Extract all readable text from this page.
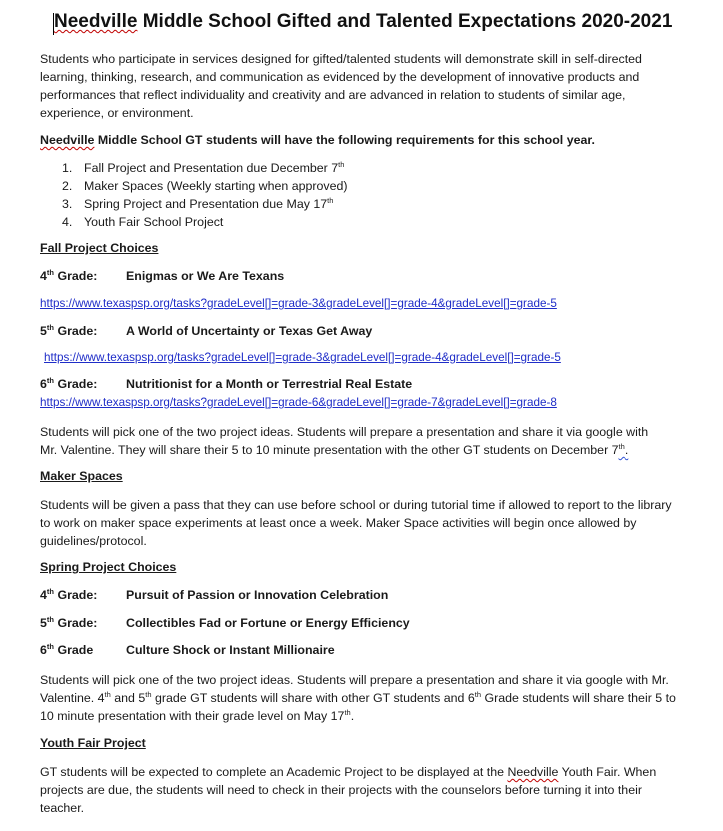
Needville Middle School Gifted and Talented Expectations 2020-2021

Students who participate in services designed for gifted/talented students will demonstrate skill in self-directed learning, thinking, research, and communication as evidenced by the development of innovative products and performances that reflect individuality and creativity and are advanced in relation to students of similar age, experience, or environment.

Needville Middle School GT students will have the following requirements for this school year.

1. Fall Project and Presentation due December 7th
2. Maker Spaces (Weekly starting when approved)
3. Spring Project and Presentation due May 17th
4. Youth Fair School Project
Fall Project Choices
4th Grade: Enigmas or We Are Texans
https://www.texaspsp.org/tasks?gradeLevel[]=grade-3&gradeLevel[]=grade-4&gradeLevel[]=grade-5
5th Grade: A World of Uncertainty or Texas Get Away
https://www.texaspsp.org/tasks?gradeLevel[]=grade-3&gradeLevel[]=grade-4&gradeLevel[]=grade-5
6th Grade: Nutritionist for a Month or Terrestrial Real Estate
https://www.texaspsp.org/tasks?gradeLevel[]=grade-6&gradeLevel[]=grade-7&gradeLevel[]=grade-8
Students will pick one of the two project ideas. Students will prepare a presentation and share it via google with
Mr. Valentine. They will share their 5 to 10 minute presentation with the other GT students on December 7th.
Maker Spaces

Students will be given a pass that they can use before school or during tutorial time if allowed to report to the library to work on maker space experiments at least once a week. Maker Space activities will begin once allowed by guidelines/protocol.

Spring Project Choices
4th Grade: Pursuit of Passion or Innovation Celebration
5th Grade: Collectibles Fad or Fortune or Energy Efficiency
6th Grade	Culture Shock or Instant Millionaire

Students will pick one of the two project ideas. Students will prepare a presentation and share it via google with Mr. Valentine. 4th and 5th grade GT students will share with other GT students and 6th Grade students will share their 5 to 10 minute presentation with their grade level on May 17th.

Youth Fair Project

GT students will be expected to complete an Academic Project to be displayed at the Needville Youth Fair. When projects are due, the students will need to check in their projects with the counselors before turning it into their teacher.
